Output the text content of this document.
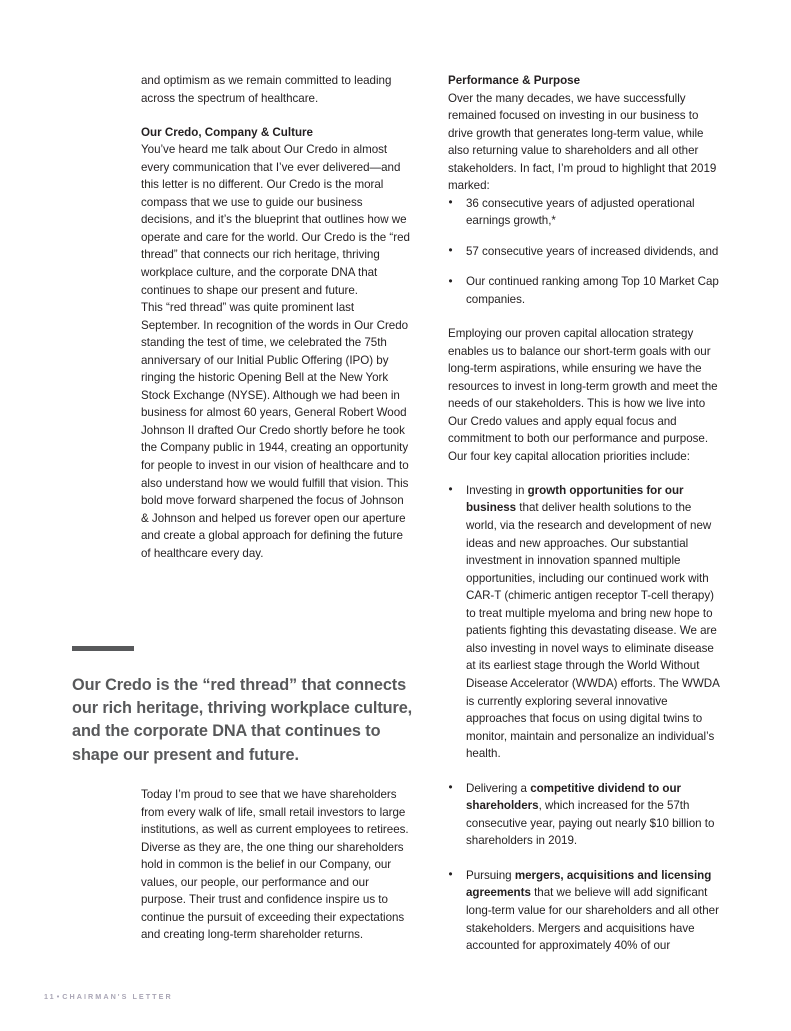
and optimism as we remain committed to leading across the spectrum of healthcare.

Our Credo, Company & Culture

You’ve heard me talk about Our Credo in almost every communication that I’ve ever delivered—and this letter is no different. Our Credo is the moral compass that we use to guide our business decisions, and it’s the blueprint that outlines how we operate and care for the world. Our Credo is the “red thread” that connects our rich heritage, thriving workplace culture, and the corporate DNA that continues to shape our present and future.

This “red thread” was quite prominent last September. In recognition of the words in Our Credo standing the test of time, we celebrated the 75th anniversary of our Initial Public Offering (IPO) by ringing the historic Opening Bell at the New York Stock Exchange (NYSE). Although we had been in business for almost 60 years, General Robert Wood Johnson II drafted Our Credo shortly before he took the Company public in 1944, creating an opportunity for people to invest in our vision of healthcare and to also understand how we would fulfill that vision. This bold move forward sharpened the focus of Johnson & Johnson and helped us forever open our aperture and create a global approach for defining the future of healthcare every day.

Our Credo is the “red thread” that connects our rich heritage, thriving workplace culture, and the corporate DNA that continues to shape our present and future.

Today I’m proud to see that we have shareholders from every walk of life, small retail investors to large institutions, as well as current employees to retirees. Diverse as they are, the one thing our shareholders hold in common is the belief in our Company, our values, our people, our performance and our purpose. Their trust and confidence inspire us to continue the pursuit of exceeding their expectations and creating long-term shareholder returns.

Performance & Purpose

Over the many decades, we have successfully remained focused on investing in our business to drive growth that generates long-term value, while also returning value to shareholders and all other stakeholders. In fact, I’m proud to highlight that 2019 marked:

• 36 consecutive years of adjusted operational earnings growth,*
• 57 consecutive years of increased dividends, and
• Our continued ranking among Top 10 Market Cap companies.

Employing our proven capital allocation strategy enables us to balance our short-term goals with our long-term aspirations, while ensuring we have the resources to invest in long-term growth and meet the needs of our stakeholders. This is how we live into Our Credo values and apply equal focus and commitment to both our performance and purpose. Our four key capital allocation priorities include:

• Investing in growth opportunities for our business that deliver health solutions to the world, via the research and development of new ideas and new approaches. Our substantial investment in innovation spanned multiple opportunities, including our continued work with CAR-T (chimeric antigen receptor T-cell therapy) to treat multiple myeloma and bring new hope to patients fighting this devastating disease. We are also investing in novel ways to eliminate disease at its earliest stage through the World Without Disease Accelerator (WWDA) efforts. The WWDA is currently exploring several innovative approaches that focus on using digital twins to monitor, maintain and personalize an individual’s health.
• Delivering a competitive dividend to our shareholders, which increased for the 57th consecutive year, paying out nearly $10 billion to shareholders in 2019.
• Pursuing mergers, acquisitions and licensing agreements that we believe will add significant long-term value for our shareholders and all other stakeholders. Mergers and acquisitions have accounted for approximately 40% of our
11•CHAIRMAN'S LETTER
